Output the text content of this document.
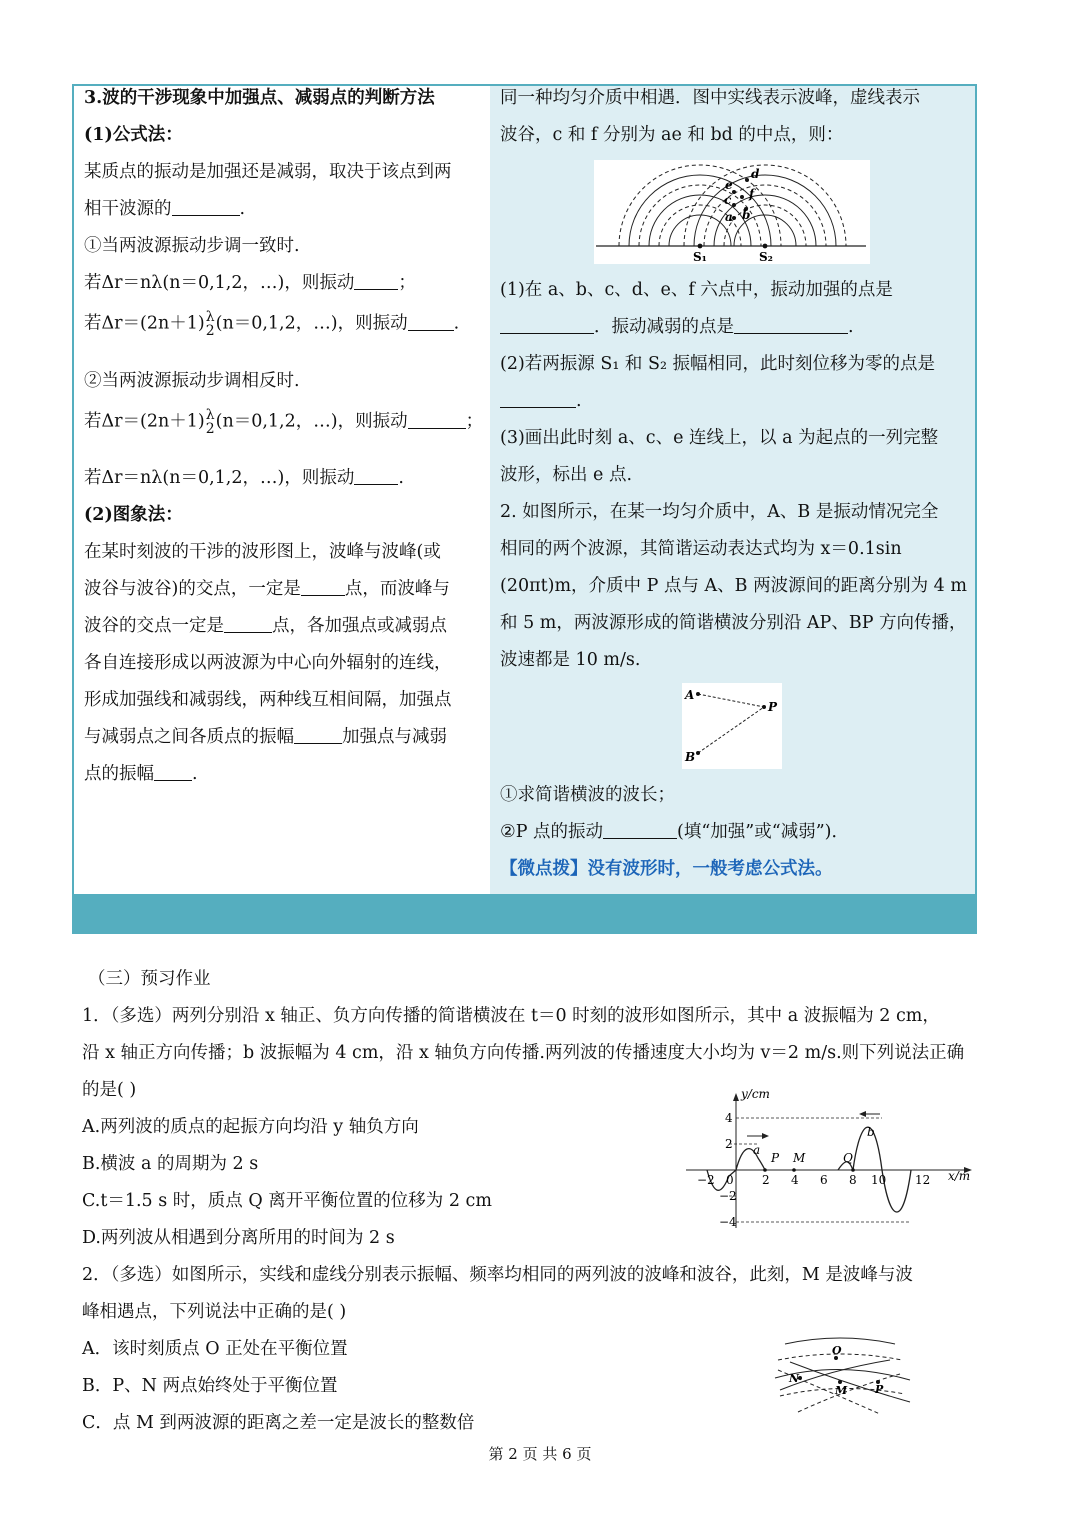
3.波的干涉现象中加强点、减弱点的判断方法
(1)公式法：
某质点的振动是加强还是减弱，取决于该点到两
相干波源的	.
①当两波源振动步调一致时.
若Δr＝nλ(n＝0,1,2，…)，则振动	；
若Δr＝(2n＋1) λ
2 (n＝0,1,2，…)，则振动	.
②当两波源振动步调相反时.
若Δr＝(2n＋1) λ
2 (n＝0,1,2，…)，则振动	；
若Δr＝nλ(n＝0,1,2，…)，则振动	.
(2)图象法：
在某时刻波的干涉的波形图上，波峰与波峰(或
波谷与波谷)的交点，一定是	点，而波峰与
波谷的交点一定是	点，各加强点或减弱点
各自连接形成以两波源为中心向外辐射的连线，
形成加强线和减弱线，两种线互相间隔，加强点
与减弱点之间各质点的振幅	加强点与减弱
点的振幅 .
同一种均匀介质中相遇．图中实线表示波峰，虚线表示
波谷，c 和 f 分别为 ae 和 bd 的中点，则：
a b
c
d
e
f
S₁	S₂
(1)在 a、b、c、d、e、f 六点中，振动加强的点是
．振动减弱的点是	.
(2)若两振源 S₁ 和 S₂ 振幅相同，此时刻位移为零的点是
.
(3)画出此时刻 a、c、e 连线上，以 a 为起点的一列完整
波形，标出 e 点.
2. 如图所示，在某一均匀介质中，A、B 是振动情况完全
相同的两个波源，其简谐运动表达式均为 x＝0.1sin
(20πt)m，介质中 P 点与 A、B 两波源间的距离分别为 4 m
和 5 m，两波源形成的简谐横波分别沿 AP、BP 方向传播，
波速都是 10 m/s.
A
P
B
①求简谐横波的波长；
②P 点的振动	(填“加强”或“减弱”)．
【微点拨】没有波形时，一般考虑公式法。
（三）预习作业
1．（多选）两列分别沿 x 轴正、负方向传播的简谐横波在 t＝0 时刻的波形如图所示，其中 a 波振幅为 2 cm，
沿 x 轴正方向传播；b 波振幅为 4 cm，沿 x 轴负方向传播.两列波的传播速度大小均为 v＝2 m/s.则下列说法正确
的是( )
A.两列波的质点的起振方向均沿 y 轴负方向
B.横波 a 的周期为 2 s
C.t＝1.5 s 时，质点 Q 离开平衡位置的位移为 2 cm
D.两列波从相遇到分离所用的时间为 2 s
y/cm
x/m
−2 0 2 4 6 8 10 12
4
2
−2
−4
a
P M	Q
b
2．（多选）如图所示，实线和虚线分别表示振幅、频率均相同的两列波的波峰和波谷，此刻，M 是波峰与波
峰相遇点，下列说法中正确的是( )
A．该时刻质点 O 正处在平衡位置
B．P、N 两点始终处于平衡位置
C．点 M 到两波源的距离之差一定是波长的整数倍
O
N
M	P
第 2 页 共 6 页
